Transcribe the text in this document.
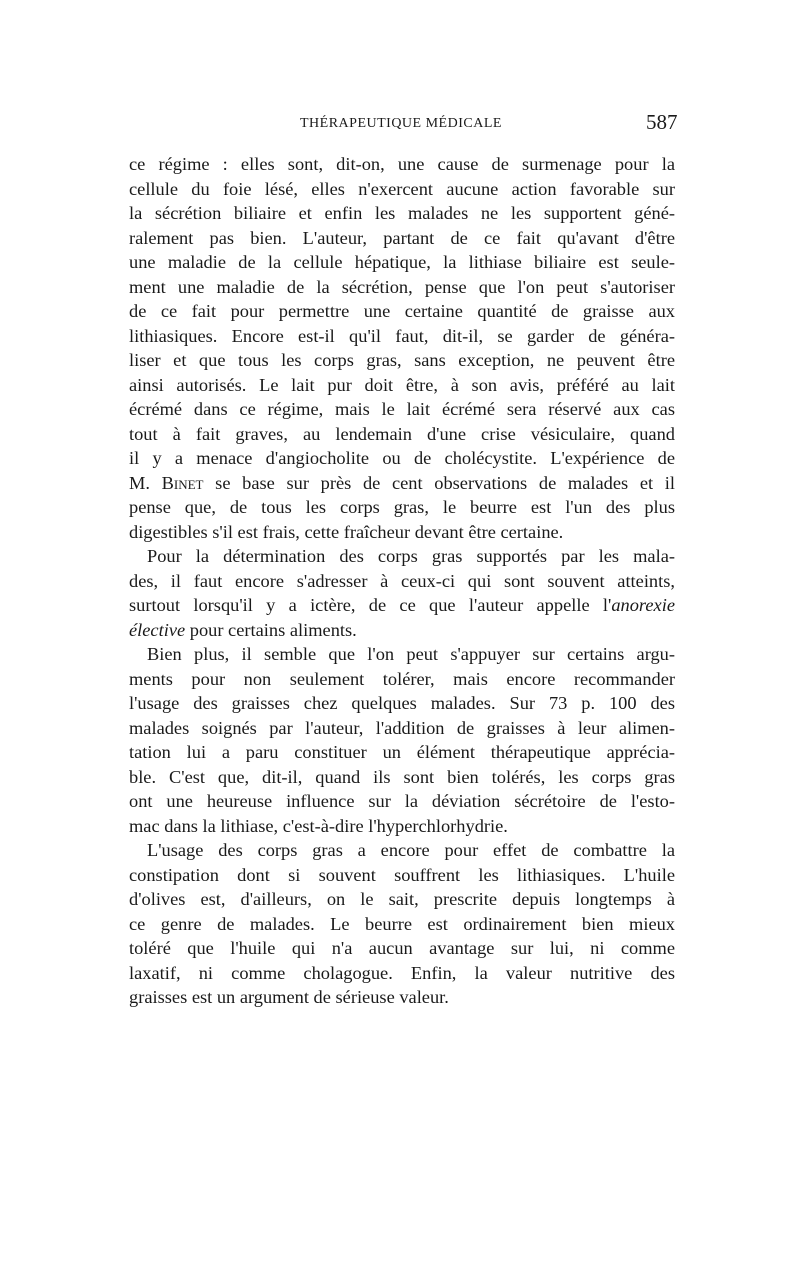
THÉRAPEUTIQUE MÉDICALE	587
ce régime : elles sont, dit-on, une cause de surmenage pour la
cellule du foie lésé, elles n'exercent aucune action favorable sur
la sécrétion biliaire et enfin les malades ne les supportent géné-
ralement pas bien. L'auteur, partant de ce fait qu'avant d'être
une maladie de la cellule hépatique, la lithiase biliaire est seule-
ment une maladie de la sécrétion, pense que l'on peut s'autoriser
de ce fait pour permettre une certaine quantité de graisse aux
lithiasiques. Encore est-il qu'il faut, dit-il, se garder de généra-
liser et que tous les corps gras, sans exception, ne peuvent être
ainsi autorisés. Le lait pur doit être, à son avis, préféré au lait
écrémé dans ce régime, mais le lait écrémé sera réservé aux cas
tout à fait graves, au lendemain d'une crise vésiculaire, quand
il y a menace d'angiocholite ou de cholécystite. L'expérience de
M. Binet se base sur près de cent observations de malades et il
pense que, de tous les corps gras, le beurre est l'un des plus
digestibles s'il est frais, cette fraîcheur devant être certaine.
Pour la détermination des corps gras supportés par les mala-
des, il faut encore s'adresser à ceux-ci qui sont souvent atteints,
surtout lorsqu'il y a ictère, de ce que l'auteur appelle l'anorexie
élective pour certains aliments.
Bien plus, il semble que l'on peut s'appuyer sur certains argu-
ments pour non seulement tolérer, mais encore recommander
l'usage des graisses chez quelques malades. Sur 73 p. 100 des
malades soignés par l'auteur, l'addition de graisses à leur alimen-
tation lui a paru constituer un élément thérapeutique apprécia-
ble. C'est que, dit-il, quand ils sont bien tolérés, les corps gras
ont une heureuse influence sur la déviation sécrétoire de l'esto-
mac dans la lithiase, c'est-à-dire l'hyperchlorhydrie.
L'usage des corps gras a encore pour effet de combattre la
constipation dont si souvent souffrent les lithiasiques. L'huile
d'olives est, d'ailleurs, on le sait, prescrite depuis longtemps à
ce genre de malades. Le beurre est ordinairement bien mieux
toléré que l'huile qui n'a aucun avantage sur lui, ni comme
laxatif, ni comme cholagogue. Enfin, la valeur nutritive des
graisses est un argument de sérieuse valeur.
